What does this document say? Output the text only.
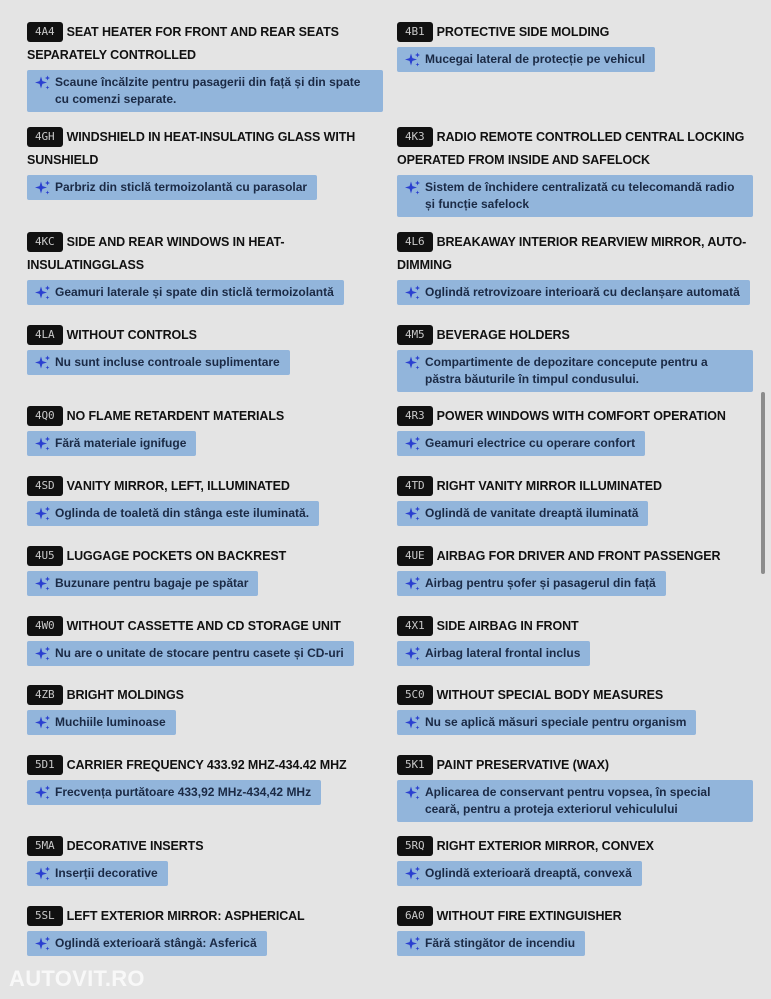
4A4 SEAT HEATER FOR FRONT AND REAR SEATS SEPARATELY CONTROLLED
Scaune încălzite pentru pasagerii din față și din spate cu comenzi separate.
4B1 PROTECTIVE SIDE MOLDING
Mucegai lateral de protecție pe vehicul
4GH WINDSHIELD IN HEAT-INSULATING GLASS WITH SUNSHIELD
Parbriz din sticlă termoizolantă cu parasolar
4K3 RADIO REMOTE CONTROLLED CENTRAL LOCKING OPERATED FROM INSIDE AND SAFELOCK
Sistem de închidere centralizată cu telecomandă radio și funcție safelock
4KC SIDE AND REAR WINDOWS IN HEAT-INSULATINGGLASS
Geamuri laterale și spate din sticlă termoizolantă
4L6 BREAKAWAY INTERIOR REARVIEW MIRROR, AUTO-DIMMING
Oglindă retrovizoare interioară cu declanșare automată
4LA WITHOUT CONTROLS
Nu sunt incluse controale suplimentare
4M5 BEVERAGE HOLDERS
Compartimente de depozitare concepute pentru a păstra băuturile în timpul condusului.
4Q0 NO FLAME RETARDENT MATERIALS
Fără materiale ignifuge
4R3 POWER WINDOWS WITH COMFORT OPERATION
Geamuri electrice cu operare confort
4SD VANITY MIRROR, LEFT, ILLUMINATED
Oglinda de toaletă din stânga este iluminată.
4TD RIGHT VANITY MIRROR ILLUMINATED
Oglindă de vanitate dreaptă iluminată
4U5 LUGGAGE POCKETS ON BACKREST
Buzunare pentru bagaje pe spătar
4UE AIRBAG FOR DRIVER AND FRONT PASSENGER
Airbag pentru șofer și pasagerul din față
4W0 WITHOUT CASSETTE AND CD STORAGE UNIT
Nu are o unitate de stocare pentru casete și CD-uri
4X1 SIDE AIRBAG IN FRONT
Airbag lateral frontal inclus
4ZB BRIGHT MOLDINGS
Muchiile luminoase
5C0 WITHOUT SPECIAL BODY MEASURES
Nu se aplică măsuri speciale pentru organism
5D1 CARRIER FREQUENCY 433.92 MHZ-434.42 MHZ
Frecvența purtătoare 433,92 MHz-434,42 MHz
5K1 PAINT PRESERVATIVE (WAX)
Aplicarea de conservant pentru vopsea, în special ceară, pentru a proteja exteriorul vehiculului
5MA DECORATIVE INSERTS
Inserții decorative
5RQ RIGHT EXTERIOR MIRROR, CONVEX
Oglindă exterioară dreaptă, convexă
5SL LEFT EXTERIOR MIRROR: ASPHERICAL
Oglindă exterioară stângă: Asferică
6A0 WITHOUT FIRE EXTINGUISHER
Fără stingător de incendiu
AUTOVIT.RO
